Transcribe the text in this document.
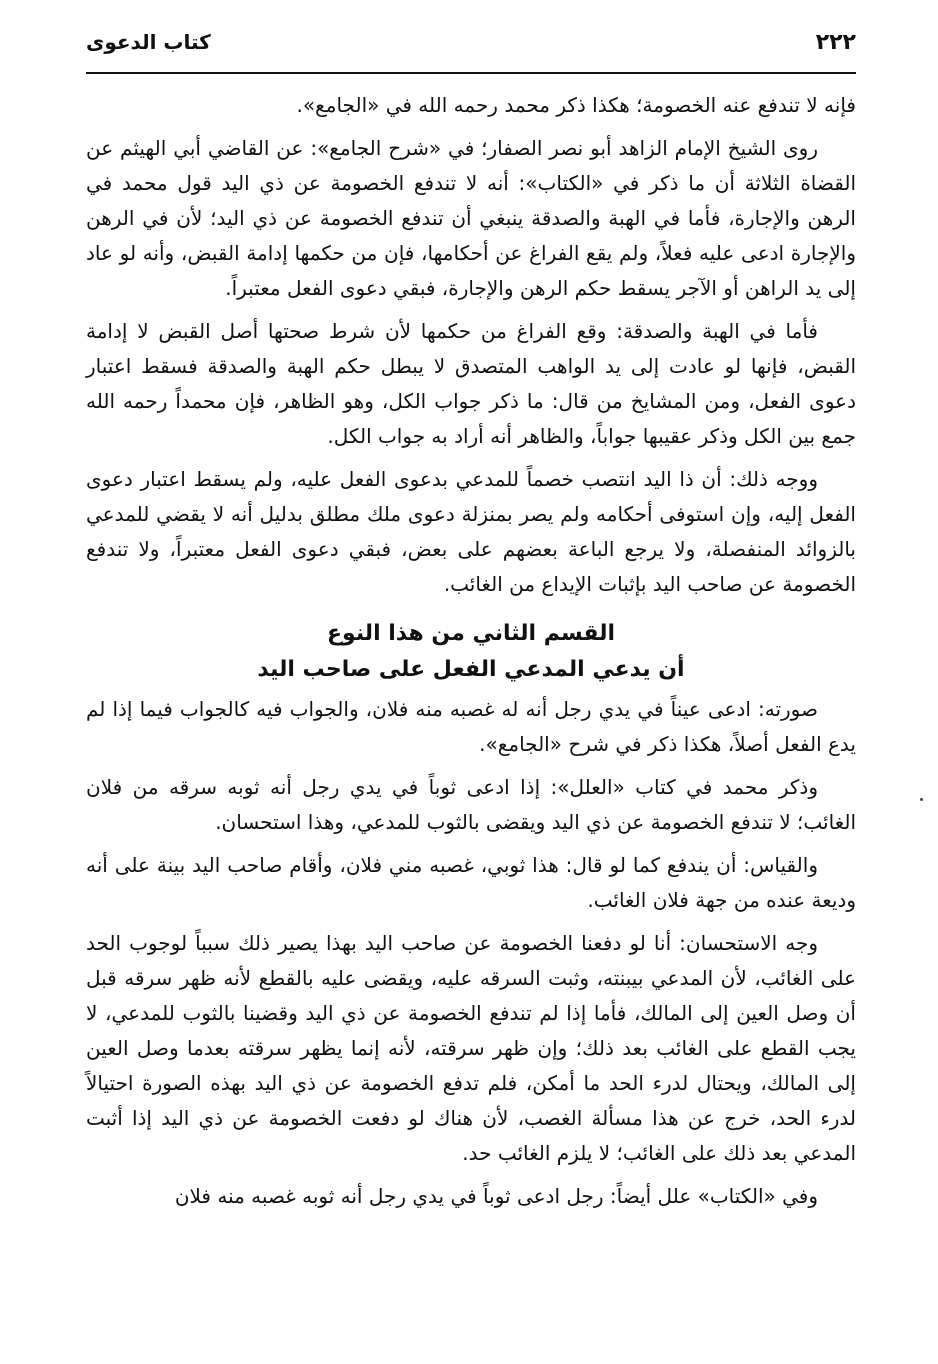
٢٢٢
كتاب الدعوى

فإنه لا تندفع عنه الخصومة؛ هكذا ذكر محمد رحمه الله في «الجامع».

روى الشيخ الإمام الزاهد أبو نصر الصفار؛ في «شرح الجامع»: عن القاضي أبي الهيثم عن القضاة الثلاثة أن ما ذكر في «الكتاب»: أنه لا تندفع الخصومة عن ذي اليد قول محمد في الرهن والإجارة، فأما في الهبة والصدقة ينبغي أن تندفع الخصومة عن ذي اليد؛ لأن في الرهن والإجارة ادعى عليه فعلاً، ولم يقع الفراغ عن أحكامها، فإن من حكمها إدامة القبض، وأنه لو عاد إلى يد الراهن أو الآجر يسقط حكم الرهن والإجارة، فبقي دعوى الفعل معتبراً.

فأما في الهبة والصدقة: وقع الفراغ من حكمها لأن شرط صحتها أصل القبض لا إدامة القبض، فإنها لو عادت إلى يد الواهب المتصدق لا يبطل حكم الهبة والصدقة فسقط اعتبار دعوى الفعل، ومن المشايخ من قال: ما ذكر جواب الكل، وهو الظاهر، فإن محمداً رحمه الله جمع بين الكل وذكر عقيبها جواباً، والظاهر أنه أراد به جواب الكل.

ووجه ذلك: أن ذا اليد انتصب خصماً للمدعي بدعوى الفعل عليه، ولم يسقط اعتبار دعوى الفعل إليه، وإن استوفى أحكامه ولم يصر بمنزلة دعوى ملك مطلق بدليل أنه لا يقضي للمدعي بالزوائد المنفصلة، ولا يرجع الباعة بعضهم على بعض، فبقي دعوى الفعل معتبراً، ولا تندفع الخصومة عن صاحب اليد بإثبات الإيداع من الغائب.

القسم الثاني من هذا النوع
أن يدعي المدعي الفعل على صاحب اليد

صورته: ادعى عيناً في يدي رجل أنه له غصبه منه فلان، والجواب فيه كالجواب فيما إذا لم يدع الفعل أصلاً، هكذا ذكر في شرح «الجامع».

وذكر محمد في كتاب «العلل»: إذا ادعى ثوباً في يدي رجل أنه ثوبه سرقه من فلان الغائب؛ لا تندفع الخصومة عن ذي اليد ويقضى بالثوب للمدعي، وهذا استحسان.

والقياس: أن يندفع كما لو قال: هذا ثوبي، غصبه مني فلان، وأقام صاحب اليد بينة على أنه وديعة عنده من جهة فلان الغائب.

وجه الاستحسان: أنا لو دفعنا الخصومة عن صاحب اليد بهذا يصير ذلك سبباً لوجوب الحد على الغائب، لأن المدعي بيبنته، وثبت السرقه عليه، ويقضى عليه بالقطع لأنه ظهر سرقه قبل أن وصل العين إلى المالك، فأما إذا لم تندفع الخصومة عن ذي اليد وقضينا بالثوب للمدعي، لا يجب القطع على الغائب بعد ذلك؛ وإن ظهر سرقته، لأنه إنما يظهر سرقته بعدما وصل العين إلى المالك، ويحتال لدرء الحد ما أمكن، فلم تدفع الخصومة عن ذي اليد بهذه الصورة احتيالاً لدرء الحد، خرج عن هذا مسألة الغصب، لأن هناك لو دفعت الخصومة عن ذي اليد إذا أثبت المدعي بعد ذلك على الغائب؛ لا يلزم الغائب حد.

وفي «الكتاب» علل أيضاً: رجل ادعى ثوباً في يدي رجل أنه ثوبه غصبه منه فلان
